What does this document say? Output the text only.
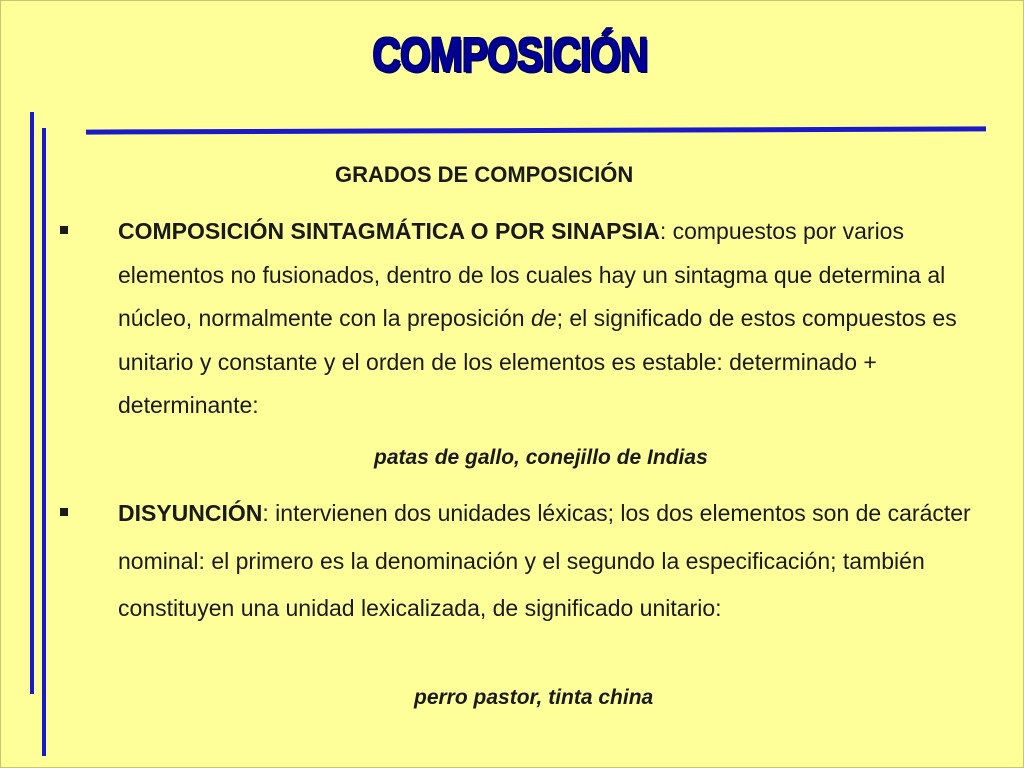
COMPOSICIÓN
GRADOS DE COMPOSICIÓN
COMPOSICIÓN SINTAGMÁTICA O POR SINAPSIA: compuestos por varios elementos no fusionados, dentro de los cuales hay un sintagma que determina al núcleo, normalmente con la preposición de; el significado de estos compuestos es unitario y constante y el orden de los elementos es estable: determinado + determinante:
patas de gallo, conejillo de Indias
DISYUNCIÓN: intervienen dos unidades léxicas; los dos elementos son de carácter nominal: el primero es la denominación y el segundo la especificación; también constituyen una unidad lexicalizada, de significado unitario:
perro pastor, tinta china
